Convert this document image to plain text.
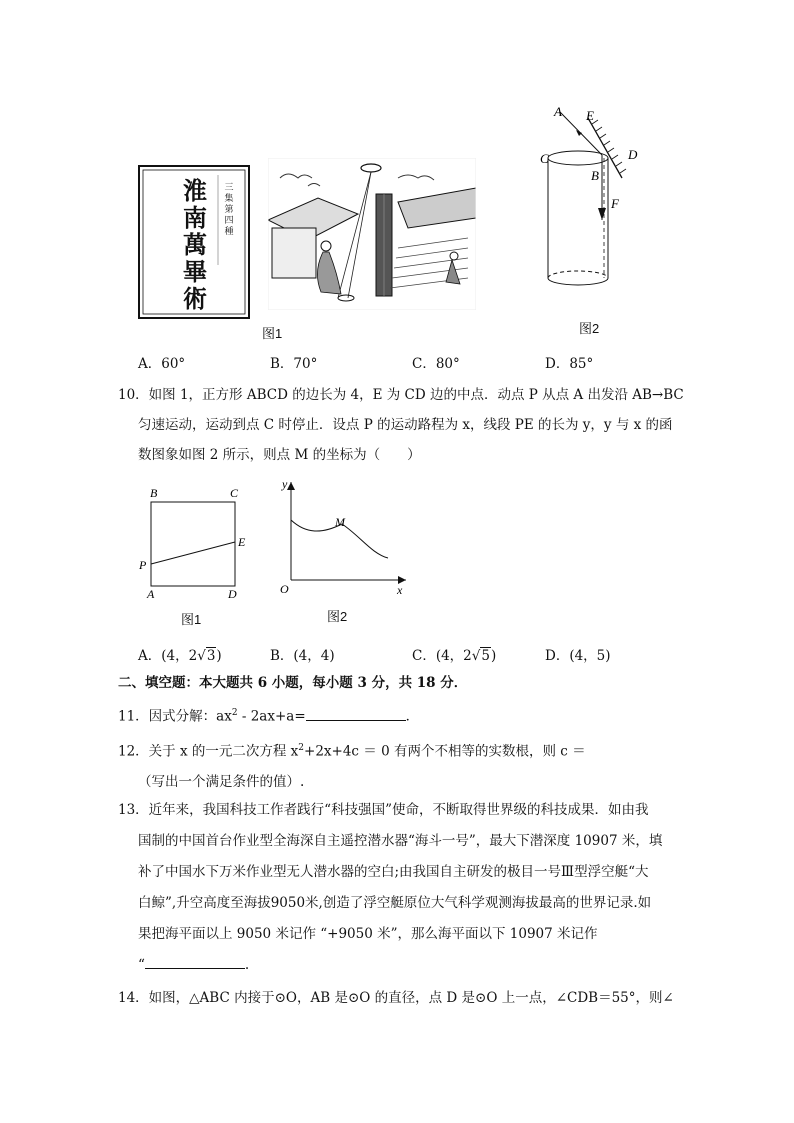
淮
南
萬
畢
術
三
集
第
四
種
图1
A E
C	D
B
F
图2
A．60°	B．70°	C．80°	D．85°

10．如图 1，正方形 ABCD 的边长为 4，E 为 CD 边的中点．动点 P 从点 A 出发沿 AB→BC

匀速运动，运动到点 C 时停止．设点 P 的运动路程为 x，线段 PE 的长为 y，y 与 x 的函

数图象如图 2 所示，则点 M 的坐标为（　　）

B	C
E
P
A	D
图1
y
M
O	x
图2
A．(4，2√3)	B．(4，4)	C．(4，2√5)	D．(4，5)
二、填空题：本大题共 6 小题，每小题 3 分，共 18 分．

11．因式分解：$ax^2 - 2ax+a=$	．

12．关于 x 的一元二次方程 $x^2+2x+4c = 0$ 有两个不相等的实数根，则 c ＝

（写出一个满足条件的值）.

13．近年来，我国科技工作者践行“科技强国”使命，不断取得世界级的科技成果．如由我

国制的中国首台作业型全海深自主遥控潜水器“海斗一号”，最大下潜深度 10907 米，填

补了中国水下万米作业型无人潜水器的空白;由我国自主研发的极目一号Ⅲ型浮空艇“大

白鲸”,升空高度至海拔9050米,创造了浮空艇原位大气科学观测海拔最高的世界记录.如

果把海平面以上 9050 米记作 “+9050 米”，那么海平面以下 10907 米记作

“	.

14．如图，△ABC 内接于⊙O，AB 是⊙O 的直径，点 D 是⊙O 上一点，∠CDB＝55°，则∠
